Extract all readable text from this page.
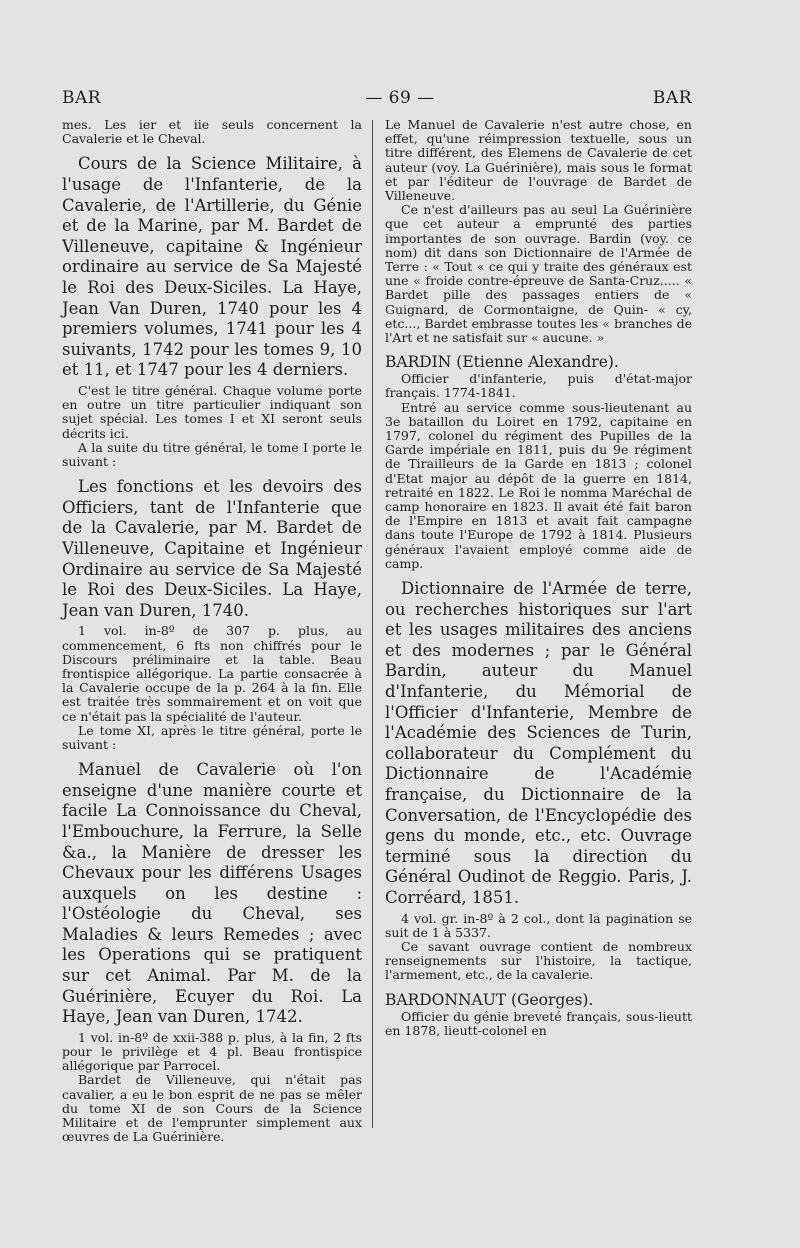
BAR	— 69 —	BAR

mes. Les ier et iie seuls concernent la Cavalerie et le Cheval.

Cours de la Science Militaire, à l'usage de l'Infanterie, de la Cavalerie, de l'Artillerie, du Génie et de la Marine, par M. Bardet de Villeneuve, capitaine & Ingénieur ordinaire au service de Sa Majesté le Roi des Deux-Siciles. La Haye, Jean Van Duren, 1740 pour les 4 premiers volumes, 1741 pour les 4 suivants, 1742 pour les tomes 9, 10 et 11, et 1747 pour les 4 derniers.

C'est le titre général. Chaque volume porte en outre un titre particulier indiquant son sujet spécial. Les tomes I et XI seront seuls décrits ici.

A la suite du titre général, le tome I porte le suivant :

Les fonctions et les devoirs des Officiers, tant de l'Infanterie que de la Cavalerie, par M. Bardet de Villeneuve, Capitaine et Ingénieur Ordinaire au service de Sa Majesté le Roi des Deux-Siciles. La Haye, Jean van Duren, 1740.

1 vol. in-8º de 307 p. plus, au commencement, 6 fts non chiffrés pour le Discours préliminaire et la table. Beau frontispice allégorique. La partie consacrée à la Cavalerie occupe de la p. 264 à la fin. Elle est traitée très sommairement et on voit que ce n'était pas la spécialité de l'auteur.

Le tome XI, après le titre général, porte le suivant :

Manuel de Cavalerie où l'on enseigne d'une manière courte et facile La Connoissance du Cheval, l'Embouchure, la Ferrure, la Selle &a., la Manière de dresser les Chevaux pour les différens Usages auxquels on les destine : l'Ostéologie du Cheval, ses Maladies & leurs Remedes ; avec les Operations qui se pratiquent sur cet Animal. Par M. de la Guérinière, Ecuyer du Roi. La Haye, Jean van Duren, 1742.

1 vol. in-8º de xxii-388 p. plus, à la fin, 2 fts pour le privilège et 4 pl. Beau frontispice allégorique par Parrocel.

Bardet de Villeneuve, qui n'était pas cavalier, a eu le bon esprit de ne pas se mêler du tome XI de son Cours de la Science Militaire et de l'emprunter simplement aux œuvres de La Guérinière.

Le Manuel de Cavalerie n'est autre chose, en effet, qu'une réimpression textuelle, sous un titre différent, des Elemens de Cavalerie de cet auteur (voy. La Guérinière), mais sous le format et par l'éditeur de l'ouvrage de Bardet de Villeneuve.

Ce n'est d'ailleurs pas au seul La Guérinière que cet auteur a emprunté des parties importantes de son ouvrage. Bardin (voy. ce nom) dit dans son Dictionnaire de l'Armée de Terre : « Tout « ce qui y traite des généraux est une « froide contre-épreuve de Santa-Cruz..... « Bardet pille des passages entiers de « Guignard, de Cormontaigne, de Quin- « cy, etc..., Bardet embrasse toutes les « branches de l'Art et ne satisfait sur « aucune. »

BARDIN (Etienne Alexandre).

Officier d'infanterie, puis d'état-major français. 1774-1841.

Entré au service comme sous-lieutenant au 3e bataillon du Loiret en 1792, capitaine en 1797, colonel du régiment des Pupilles de la Garde impériale en 1811, puis du 9e régiment de Tirailleurs de la Garde en 1813 ; colonel d'Etat major au dépôt de la guerre en 1814, retraité en 1822. Le Roi le nomma Maréchal de camp honoraire en 1823. Il avait été fait baron de l'Empire en 1813 et avait fait campagne dans toute l'Europe de 1792 à 1814. Plusieurs généraux l'avaient employé comme aide de camp.

Dictionnaire de l'Armée de terre, ou recherches historiques sur l'art et les usages militaires des anciens et des modernes ; par le Général Bardin, auteur du Manuel d'Infanterie, du Mémorial de l'Officier d'Infanterie, Membre de l'Académie des Sciences de Turin, collaborateur du Complément du Dictionnaire de l'Académie française, du Dictionnaire de la Conversation, de l'Encyclopédie des gens du monde, etc., etc. Ouvrage terminé sous la direction du Général Oudinot de Reggio. Paris, J. Corréard, 1851.

4 vol. gr. in-8º à 2 col., dont la pagination se suit de 1 à 5337.

Ce savant ouvrage contient de nombreux renseignements sur l'histoire, la tactique, l'armement, etc., de la cavalerie.

BARDONNAUT (Georges).

Officier du génie breveté français, sous-lieutt en 1878, lieutt-colonel en
